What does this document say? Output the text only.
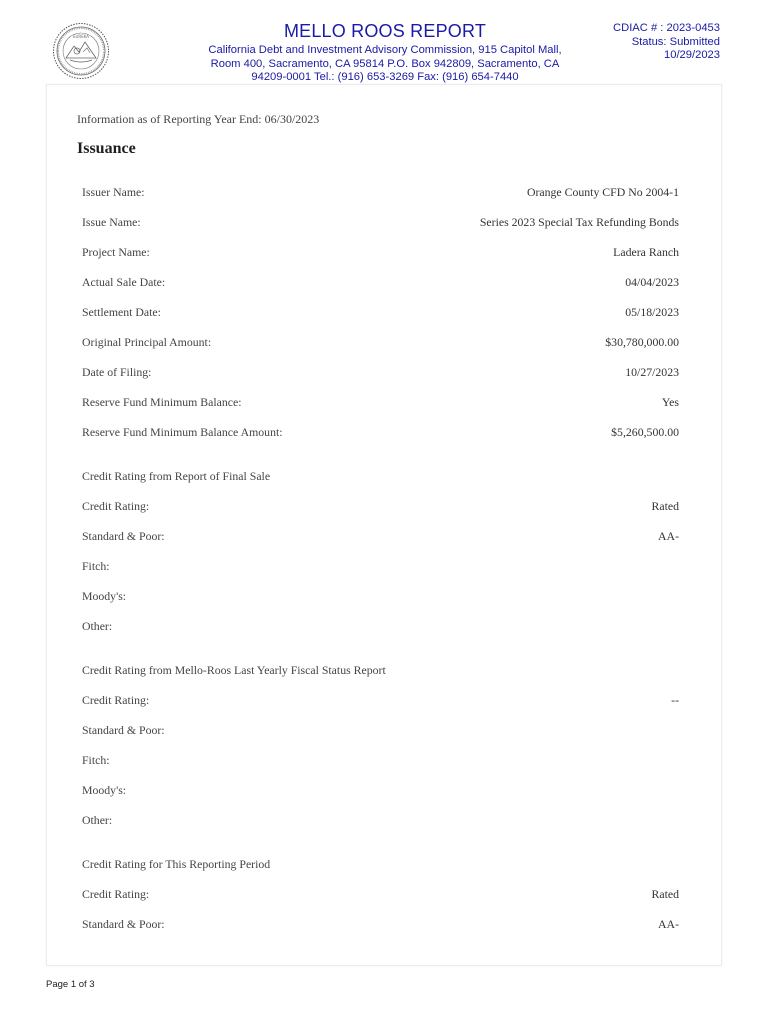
EUREKA	MELLO ROOS REPORT
California Debt and Investment Advisory Commission, 915 Capitol Mall,
Room 400, Sacramento, CA 95814 P.O. Box 942809, Sacramento, CA
94209-0001 Tel.: (916) 653-3269 Fax: (916) 654-7440
CDIAC # : 2023-0453
Status: Submitted
10/29/2023
Information as of Reporting Year End: 06/30/2023
Issuance
Issuer Name:	Orange County CFD No 2004-1
Issue Name:	Series 2023 Special Tax Refunding Bonds
Project Name:	Ladera Ranch
Actual Sale Date:	04/04/2023
Settlement Date:	05/18/2023
Original Principal Amount:	$30,780,000.00
Date of Filing:	10/27/2023
Reserve Fund Minimum Balance:	Yes
Reserve Fund Minimum Balance Amount:	$5,260,500.00
Credit Rating from Report of Final Sale
Credit Rating:	Rated
Standard & Poor:	AA-
Fitch:
Moody's:
Other:
Credit Rating from Mello-Roos Last Yearly Fiscal Status Report
Credit Rating:	--
Standard & Poor:
Fitch:
Moody's:
Other:
Credit Rating for This Reporting Period
Credit Rating:	Rated
Standard & Poor:	AA-
Page 1 of 3
